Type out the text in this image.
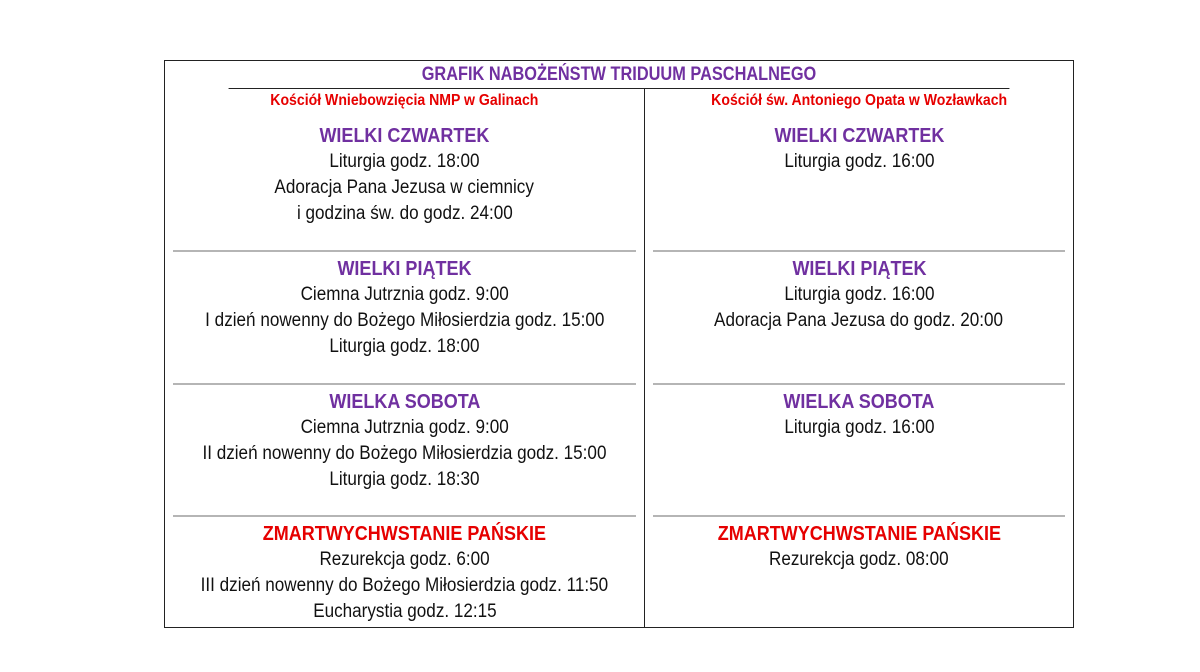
GRAFIK NABOŻEŃSTW TRIDUUM PASCHALNEGO
Kościół Wniebowzięcia NMP w Galinach
WIELKI CZWARTEK
Liturgia godz. 18:00
Adoracja Pana Jezusa w ciemnicy
i godzina św. do godz. 24:00
WIELKI PIĄTEK
Ciemna Jutrznia godz. 9:00
I dzień nowenny do Bożego Miłosierdzia godz. 15:00
Liturgia godz. 18:00
WIELKA SOBOTA
Ciemna Jutrznia godz. 9:00
II dzień nowenny do Bożego Miłosierdzia godz. 15:00
Liturgia godz. 18:30
ZMARTWYCHWSTANIE PAŃSKIE
Rezurekcja godz. 6:00
III dzień nowenny do Bożego Miłosierdzia godz. 11:50
Eucharystia godz. 12:15
Kościół św. Antoniego Opata w Wozławkach
WIELKI CZWARTEK
Liturgia godz. 16:00
WIELKI PIĄTEK
Liturgia godz. 16:00
Adoracja Pana Jezusa do godz. 20:00
WIELKA SOBOTA
Liturgia godz. 16:00
ZMARTWYCHWSTANIE PAŃSKIE
Rezurekcja godz. 08:00
